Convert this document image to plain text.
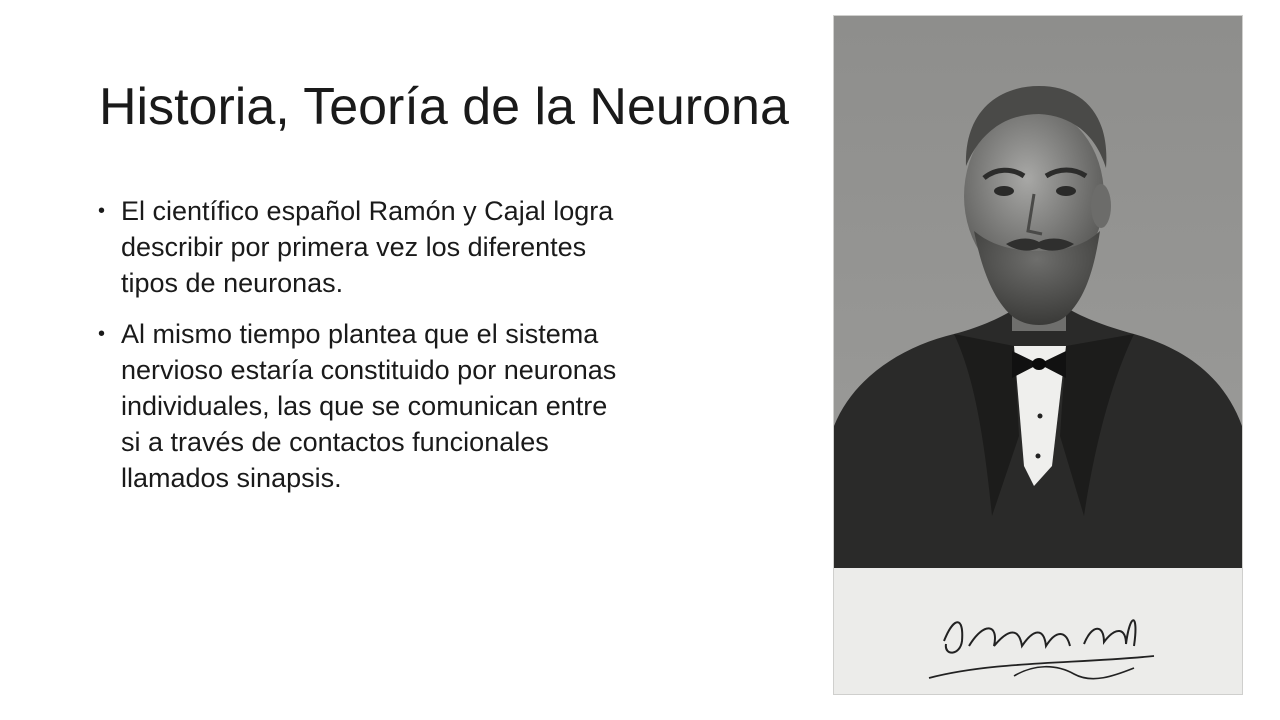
Historia, Teoría de la Neurona
• El científico español Ramón y Cajal logra describir por primera vez los diferentes tipos de neuronas.
• Al mismo tiempo plantea que el sistema nervioso estaría constituido por neuronas individuales, las que se comunican entre si a través de contactos funcionales llamados sinapsis.
